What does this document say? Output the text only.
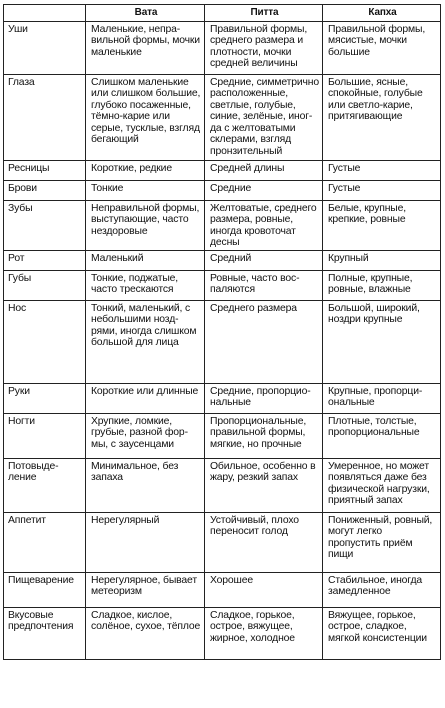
	Вата	Питта	Капха
Уши	Маленькие, неправильной формы, мочки маленькие	Правильной формы, среднего размера и плотности, мочки средней величины	Правильной формы, мясистые, мочки большие
Глаза	Слишком маленькие или слишком большие, глубоко посаженные, тёмно-карие или серые, тусклые, взгляд бегающий	Средние, симметрично расположенные, светлые, голубые, синие, зелёные, иногда с желтоватыми склерами, взгляд пронзительный	Большие, ясные, спокойные, голубые или светло-карие, притягивающие
Ресницы	Короткие, редкие	Средней длины	Густые
Брови	Тонкие	Средние	Густые
Зубы	Неправильной формы, выступающие, часто нездоровые	Желтоватые, среднего размера, ровные, иногда кровоточат десны	Белые, крупные, крепкие, ровные
Рот	Маленький	Средний	Крупный
Губы	Тонкие, поджатые, часто трескаются	Ровные, часто воспаляются	Полные, крупные, ровные, влажные
Нос	Тонкий, маленький, с небольшими ноздрями, иногда слишком большой для лица	Среднего размера	Большой, широкий, ноздри крупные
Руки	Короткие или длинные	Средние, пропорциональные	Крупные, пропорциональные
Ногти	Хрупкие, ломкие, грубые, разной формы, с заусенцами	Пропорциональные, правильной формы, мягкие, но прочные	Плотные, толстые, пропорциональные
Потовыделение	Минимальное, без запаха	Обильное, особенно в жару, резкий запах	Умеренное, но может появляться даже без физической нагрузки, приятный запах
Аппетит	Нерегулярный	Устойчивый, плохо переносит голод	Пониженный, ровный, могут легко пропустить приём пищи
Пищеварение	Нерегулярное, бывает метеоризм	Хорошее	Стабильное, иногда замедленное
Вкусовые предпочтения	Сладкое, кислое, солёное, сухое, тёплое	Сладкое, горькое, острое, вяжущее, жирное, холодное	Вяжущее, горькое, острое, сладкое, мягкой консистенции
